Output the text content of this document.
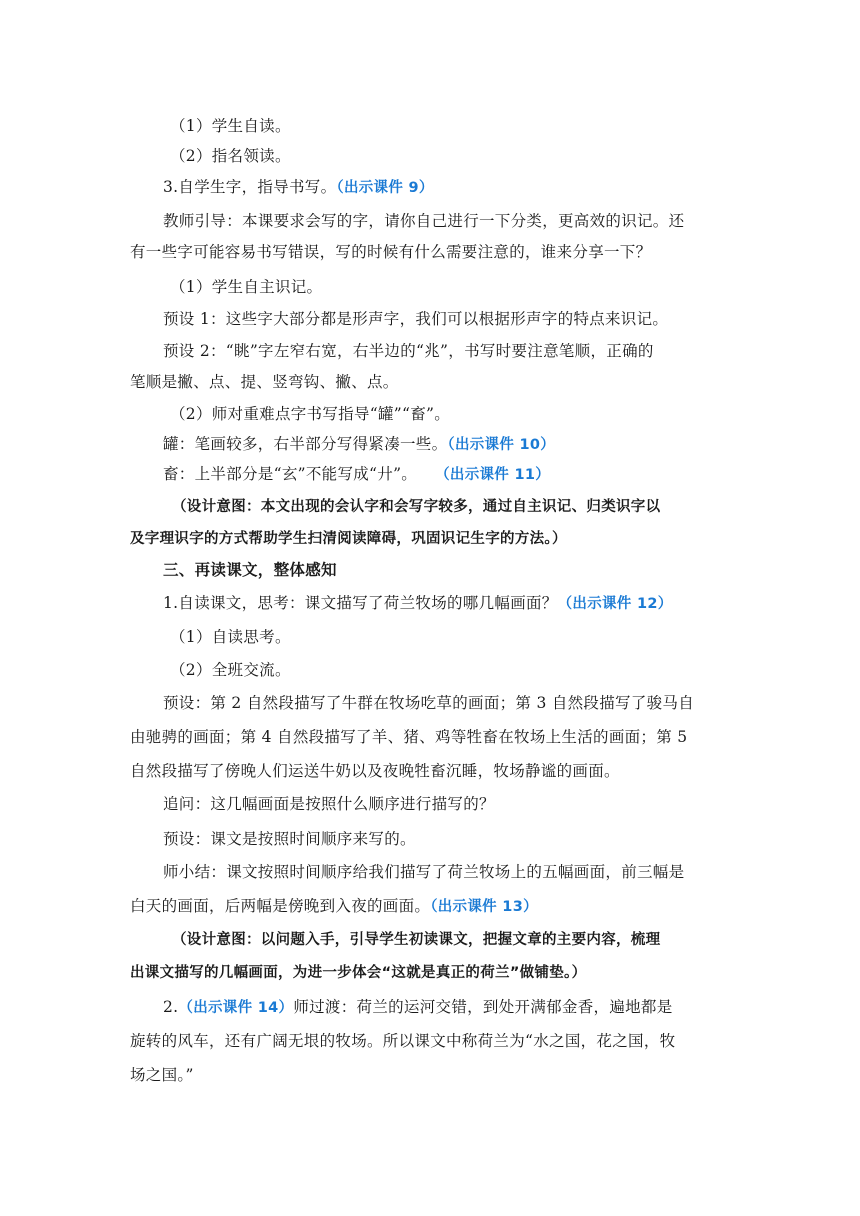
（1）学生自读。
（2）指名领读。
3.自学生字，指导书写。（出示课件 9）
教师引导：本课要求会写的字，请你自己进行一下分类，更高效的识记。还
有一些字可能容易书写错误，写的时候有什么需要注意的，谁来分享一下？
（1）学生自主识记。
预设 1：这些字大部分都是形声字，我们可以根据形声字的特点来识记。
预设 2：“眺”字左窄右宽，右半边的“兆”，书写时要注意笔顺，正确的
笔顺是撇、点、提、竖弯钩、撇、点。
（2）师对重难点字书写指导“罐”“畜”。
罐：笔画较多，右半部分写得紧凑一些。（出示课件 10）
畜：上半部分是“玄”不能写成“廾”。 （出示课件 11）
（设计意图：本文出现的会认字和会写字较多，通过自主识记、归类识字以
及字理识字的方式帮助学生扫清阅读障碍，巩固识记生字的方法。）
三、再读课文，整体感知
1.自读课文，思考：课文描写了荷兰牧场的哪几幅画面？（出示课件 12）
（1）自读思考。
（2）全班交流。
预设：第 2 自然段描写了牛群在牧场吃草的画面；第 3 自然段描写了骏马自
由驰骋的画面；第 4 自然段描写了羊、猪、鸡等牲畜在牧场上生活的画面；第 5
自然段描写了傍晚人们运送牛奶以及夜晚牲畜沉睡，牧场静谧的画面。
追问：这几幅画面是按照什么顺序进行描写的？
预设：课文是按照时间顺序来写的。
师小结：课文按照时间顺序给我们描写了荷兰牧场上的五幅画面，前三幅是
白天的画面，后两幅是傍晚到入夜的画面。（出示课件 13）
（设计意图：以问题入手，引导学生初读课文，把握文章的主要内容，梳理
出课文描写的几幅画面，为进一步体会“这就是真正的荷兰”做铺垫。）
2.（出示课件 14）师过渡：荷兰的运河交错，到处开满郁金香，遍地都是
旋转的风车，还有广阔无垠的牧场。所以课文中称荷兰为“水之国，花之国，牧
场之国。”
